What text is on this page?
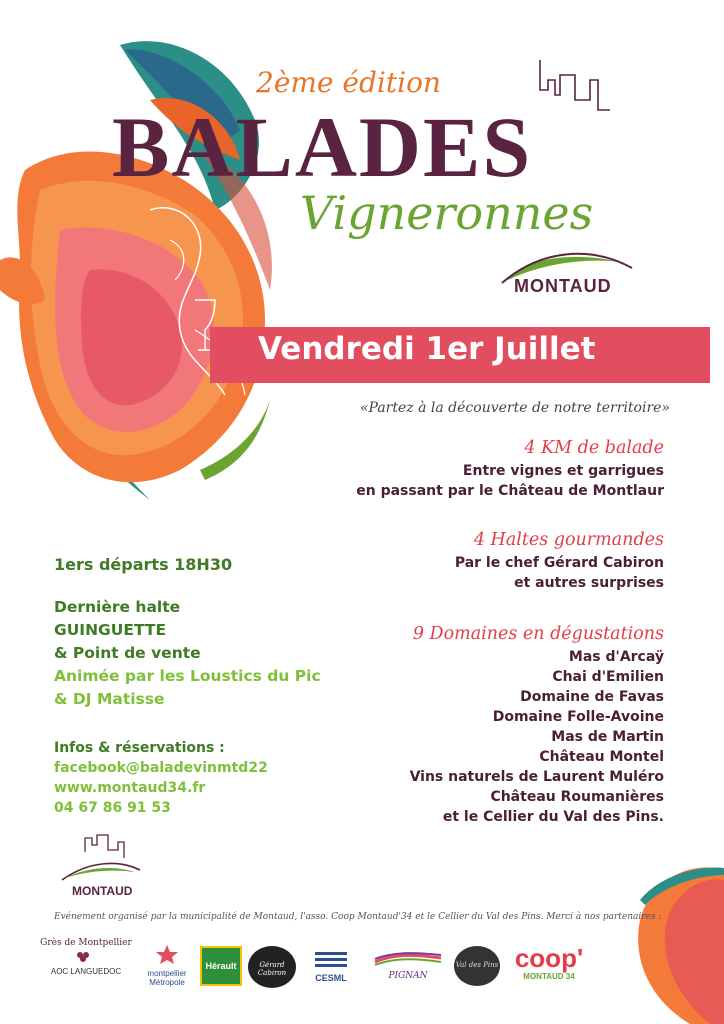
2ème édition
BALADES
Vigneronnes
MONTAUD
Vendredi 1er Juillet
«Partez à la découverte de notre territoire»
4 KM de balade
Entre vignes et garrigues
en passant par le Château de Montlaur
4 Haltes gourmandes
Par le chef Gérard Cabiron
et autres surprises
9 Domaines en dégustations
Mas d'Arcaÿ
Chai d'Emilien
Domaine de Favas
Domaine Folle-Avoine
Mas de Martin
Château Montel
Vins naturels de Laurent Muléro
Château Roumanières
et le Cellier du Val des Pins.
1ers départs 18H30
Dernière halte
GUINGUETTE
& Point de vente
Animée par les Loustics du Pic
& DJ Matisse
Infos & réservations :
facebook@baladevinmtd22
www.montaud34.fr
04 67 86 91 53
MONTAUD
Evénement organisé par la municipalité de Montaud, l'asso. Coop Montaud'34 et le Cellier du Val des Pins. Merci à nos partenaires :
Grès de Montpellier
AOC LANGUEDOC	montpellier
Métropole
Hérault	Gérard Cabiron	CESML	PIGNAN
Val des Pins coop'
MONTAUD 34
